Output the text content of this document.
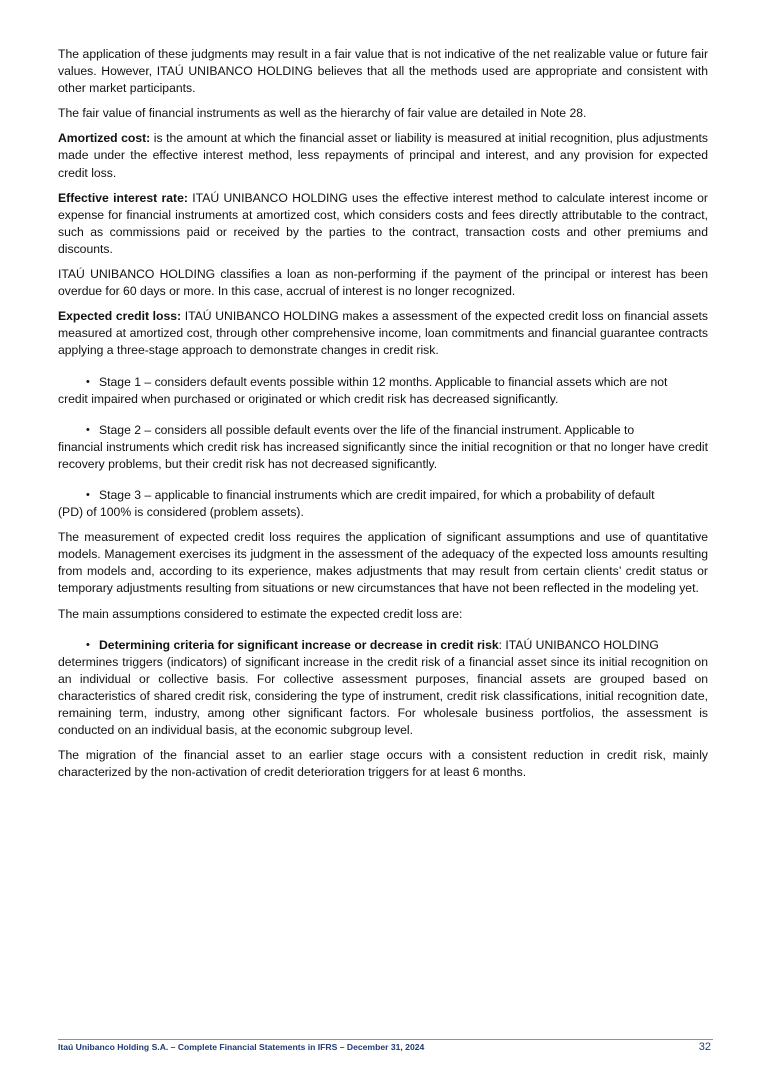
The application of these judgments may result in a fair value that is not indicative of the net realizable value or future fair values. However, ITAÚ UNIBANCO HOLDING believes that all the methods used are appropriate and consistent with other market participants.

The fair value of financial instruments as well as the hierarchy of fair value are detailed in Note 28.

Amortized cost: is the amount at which the financial asset or liability is measured at initial recognition, plus adjustments made under the effective interest method, less repayments of principal and interest, and any provision for expected credit loss.

Effective interest rate: ITAÚ UNIBANCO HOLDING uses the effective interest method to calculate interest income or expense for financial instruments at amortized cost, which considers costs and fees directly attributable to the contract, such as commissions paid or received by the parties to the contract, transaction costs and other premiums and discounts.

ITAÚ UNIBANCO HOLDING classifies a loan as non-performing if the payment of the principal or interest has been overdue for 60 days or more. In this case, accrual of interest is no longer recognized.

Expected credit loss: ITAÚ UNIBANCO HOLDING makes a assessment of the expected credit loss on financial assets measured at amortized cost, through other comprehensive income, loan commitments and financial guarantee contracts applying a three-stage approach to demonstrate changes in credit risk.

• Stage 1 – considers default events possible within 12 months. Applicable to financial assets which are not
credit impaired when purchased or originated or which credit risk has decreased significantly.
• Stage 2 – considers all possible default events over the life of the financial instrument. Applicable to
financial instruments which credit risk has increased significantly since the initial recognition or that no longer have credit recovery problems, but their credit risk has not decreased significantly.
• Stage 3 – applicable to financial instruments which are credit impaired, for which a probability of default
(PD) of 100% is considered (problem assets).

The measurement of expected credit loss requires the application of significant assumptions and use of quantitative models. Management exercises its judgment in the assessment of the adequacy of the expected loss amounts resulting from models and, according to its experience, makes adjustments that may result from certain clients’ credit status or temporary adjustments resulting from situations or new circumstances that have not been reflected in the modeling yet.

The main assumptions considered to estimate the expected credit loss are:

• Determining criteria for significant increase or decrease in credit risk: ITAÚ UNIBANCO HOLDING
determines triggers (indicators) of significant increase in the credit risk of a financial asset since its initial recognition on an individual or collective basis. For collective assessment purposes, financial assets are grouped based on characteristics of shared credit risk, considering the type of instrument, credit risk classifications, initial recognition date, remaining term, industry, among other significant factors. For wholesale business portfolios, the assessment is conducted on an individual basis, at the economic subgroup level.

The migration of the financial asset to an earlier stage occurs with a consistent reduction in credit risk, mainly characterized by the non-activation of credit deterioration triggers for at least 6 months.

Itaú Unibanco Holding S.A. – Complete Financial Statements in IFRS – December 31, 2024	32
